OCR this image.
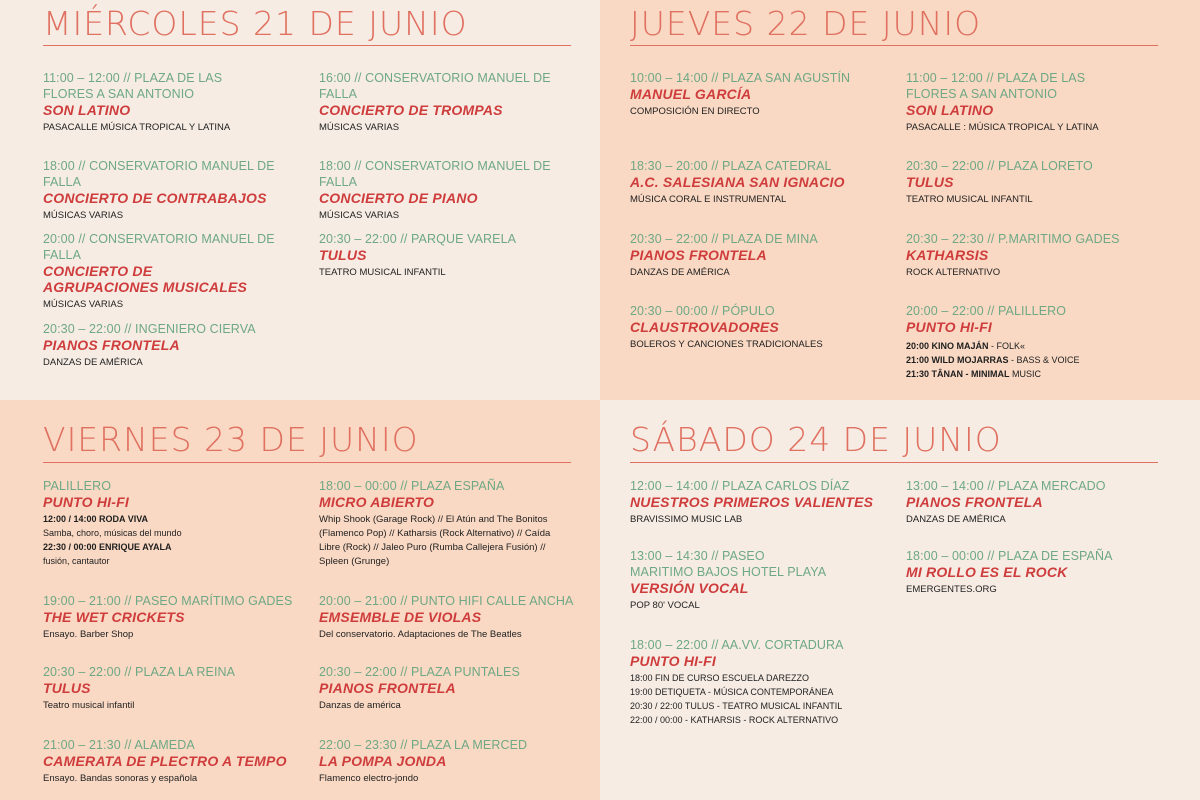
MIÉRCOLES 21 DE JUNIO
11:00 – 12:00 // PLAZA DE LAS FLORES A SAN ANTONIO
SON LATINO
PASACALLE MÚSICA TROPICAL Y LATINA
18:00 // CONSERVATORIO MANUEL DE FALLA
CONCIERTO DE CONTRABAJOS
MÚSICAS VARIAS
20:00 // CONSERVATORIO MANUEL DE FALLA
CONCIERTO DE AGRUPACIONES MUSICALES
MÚSICAS VARIAS
20:30 – 22:00 // INGENIERO CIERVA
PIANOS FRONTELA
DANZAS DE AMÉRICA
16:00 // CONSERVATORIO MANUEL DE FALLA
CONCIERTO DE TROMPAS
MÚSICAS VARIAS
18:00 // CONSERVATORIO MANUEL DE FALLA
CONCIERTO DE PIANO
MÚSICAS VARIAS
20:30 – 22:00 // PARQUE VARELA
TULUS
TEATRO MUSICAL INFANTIL
JUEVES 22 DE JUNIO
10:00 – 14:00 // PLAZA SAN AGUSTÍN
MANUEL GARCÍA
COMPOSICIÓN EN DIRECTO
18:30 – 20:00 // PLAZA CATEDRAL
A.C. SALESIANA SAN IGNACIO
MÚSICA CORAL E INSTRUMENTAL
20:30 – 22:00 // PLAZA DE MINA
PIANOS FRONTELA
DANZAS DE AMÉRICA
20:30 – 00:00 // PÓPULO
CLAUSTROVADORES
BOLEROS Y CANCIONES TRADICIONALES
11:00 – 12:00 // PLAZA DE LAS FLORES A SAN ANTONIO
SON LATINO
PASACALLE : MÚSICA TROPICAL Y LATINA
20:30 – 22:00 // PLAZA LORETO
TULUS
TEATRO MUSICAL INFANTIL
20:30 – 22:30 // P.MARITIMO GADES
KATHARSIS
ROCK ALTERNATIVO
20:00 – 22:00 // PALILLERO
PUNTO HI-FI
20:00 KINO MAJÁN - FOLK«
21:00 WILD MOJARRAS - BASS & VOICE
21:30 TÂNAN - MINIMAL MUSIC
VIERNES 23 DE JUNIO
PALILLERO
PUNTO HI-FI
12:00 / 14:00 RODA VIVA
Samba, choro, músicas del mundo
22:30 / 00:00 ENRIQUE AYALA
fusión, cantautor
19:00 – 21:00 // PASEO MARÍTIMO GADES
THE WET CRICKETS
Ensayo. Barber Shop
20:30 – 22:00 // PLAZA LA REINA
TULUS
Teatro musical infantil
21:00 – 21:30 // ALAMEDA
CAMERATA DE PLECTRO A TEMPO
Ensayo. Bandas sonoras y española
18:00 – 00:00 // PLAZA ESPAÑA
MICRO ABIERTO
Whip Shook (Garage Rock) // El Atún and The Bonitos (Flamenco Pop) // Katharsis (Rock Alternativo) // Caída Libre (Rock) // Jaleo Puro (Rumba Callejera Fusión) // Spleen (Grunge)
20:00 – 21:00 // PUNTO HIFI CALLE ANCHA
EMSEMBLE DE VIOLAS
Del conservatorio. Adaptaciones de The Beatles
20:30 – 22:00 // PLAZA PUNTALES
PIANOS FRONTELA
Danzas de américa
22:00 – 23:30 // PLAZA LA MERCED
LA POMPA JONDA
Flamenco electro-jondo
SÁBADO 24 DE JUNIO
12:00 – 14:00 // PLAZA CARLOS DÍAZ
NUESTROS PRIMEROS VALIENTES
BRAVISSIMO MUSIC LAB
13:00 – 14:30 // PASEO MARITIMO BAJOS HOTEL PLAYA
VERSIÓN VOCAL
POP 80' VOCAL
18:00 – 22:00 // AA.VV. CORTADURA
PUNTO HI-FI
18:00 FIN DE CURSO ESCUELA DAREZZO
19:00 DETIQUETA - MÚSICA CONTEMPORÁNEA
20:30 / 22:00 TULUS - TEATRO MUSICAL INFANTIL
22:00 / 00:00 - KATHARSIS - ROCK ALTERNATIVO
13:00 – 14:00 // PLAZA MERCADO
PIANOS FRONTELA
DANZAS DE AMÉRICA
18:00 – 00:00 // PLAZA DE ESPAÑA
MI ROLLO ES EL ROCK
EMERGENTES.ORG
